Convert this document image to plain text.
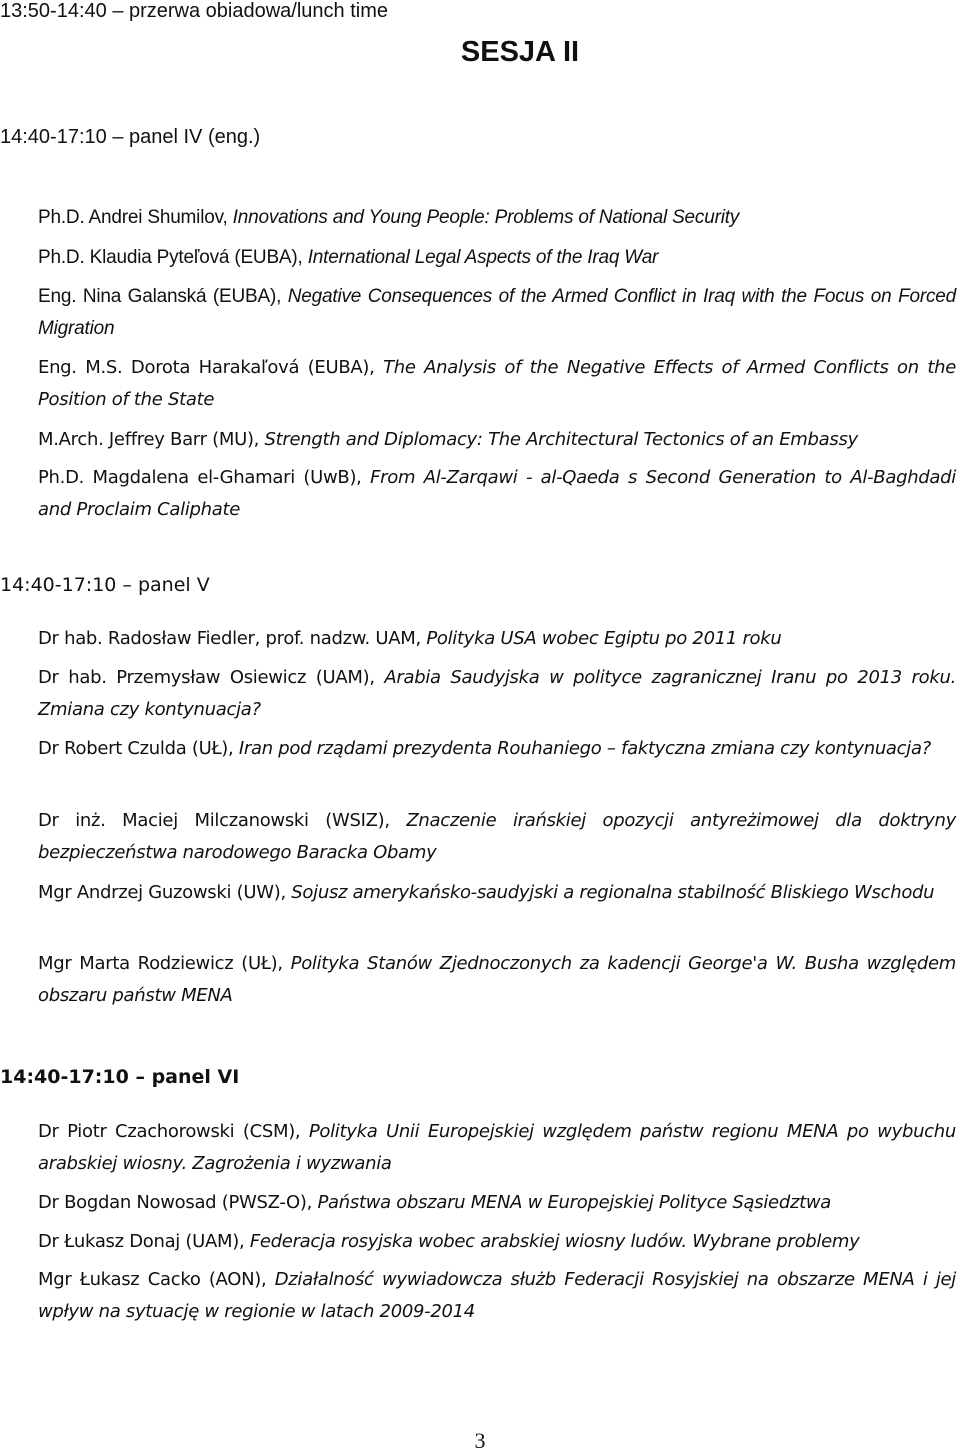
13:50-14:40 – przerwa obiadowa/lunch time
SESJA II
14:40-17:10 – panel IV (eng.)
Ph.D. Andrei Shumilov, Innovations and Young People: Problems of National Security
Ph.D. Klaudia Pyteľová (EUBA), International Legal Aspects of the Iraq War
Eng. Nina Galanská (EUBA), Negative Consequences of the Armed Conflict in Iraq with the Focus on Forced Migration
Eng. M.S. Dorota Harakaľová (EUBA), The Analysis of the Negative Effects of Armed Conflicts on the Position of the State
M.Arch. Jeffrey Barr (MU), Strength and Diplomacy: The Architectural Tectonics of an Embassy
Ph.D. Magdalena el-Ghamari (UwB), From Al-Zarqawi - al-Qaeda s Second Generation to Al-Baghdadi and Proclaim Caliphate
14:40-17:10 – panel V
Dr hab. Radosław Fiedler, prof. nadzw. UAM, Polityka USA wobec Egiptu po 2011 roku
Dr hab. Przemysław Osiewicz (UAM), Arabia Saudyjska w polityce zagranicznej Iranu po 2013 roku. Zmiana czy kontynuacja?
Dr Robert Czulda (UŁ), Iran pod rządami prezydenta Rouhaniego – faktyczna zmiana czy kontynuacja?
Dr inż. Maciej Milczanowski (WSIZ), Znaczenie irańskiej opozycji antyreżimowej dla doktryny bezpieczeństwa narodowego Baracka Obamy
Mgr Andrzej Guzowski (UW), Sojusz amerykańsko-saudyjski a regionalna stabilność Bliskiego Wschodu
Mgr Marta Rodziewicz (UŁ), Polityka Stanów Zjednoczonych za kadencji George'a W. Busha względem obszaru państw MENA
14:40-17:10 – panel VI
Dr Piotr Czachorowski (CSM), Polityka Unii Europejskiej względem państw regionu MENA po wybuchu arabskiej wiosny. Zagrożenia i wyzwania
Dr Bogdan Nowosad (PWSZ-O), Państwa obszaru MENA w Europejskiej Polityce Sąsiedztwa
Dr Łukasz Donaj (UAM), Federacja rosyjska wobec arabskiej wiosny ludów. Wybrane problemy
Mgr Łukasz Cacko (AON), Działalność wywiadowcza służb Federacji Rosyjskiej na obszarze MENA i jej wpływ na sytuację w regionie w latach 2009-2014
3
